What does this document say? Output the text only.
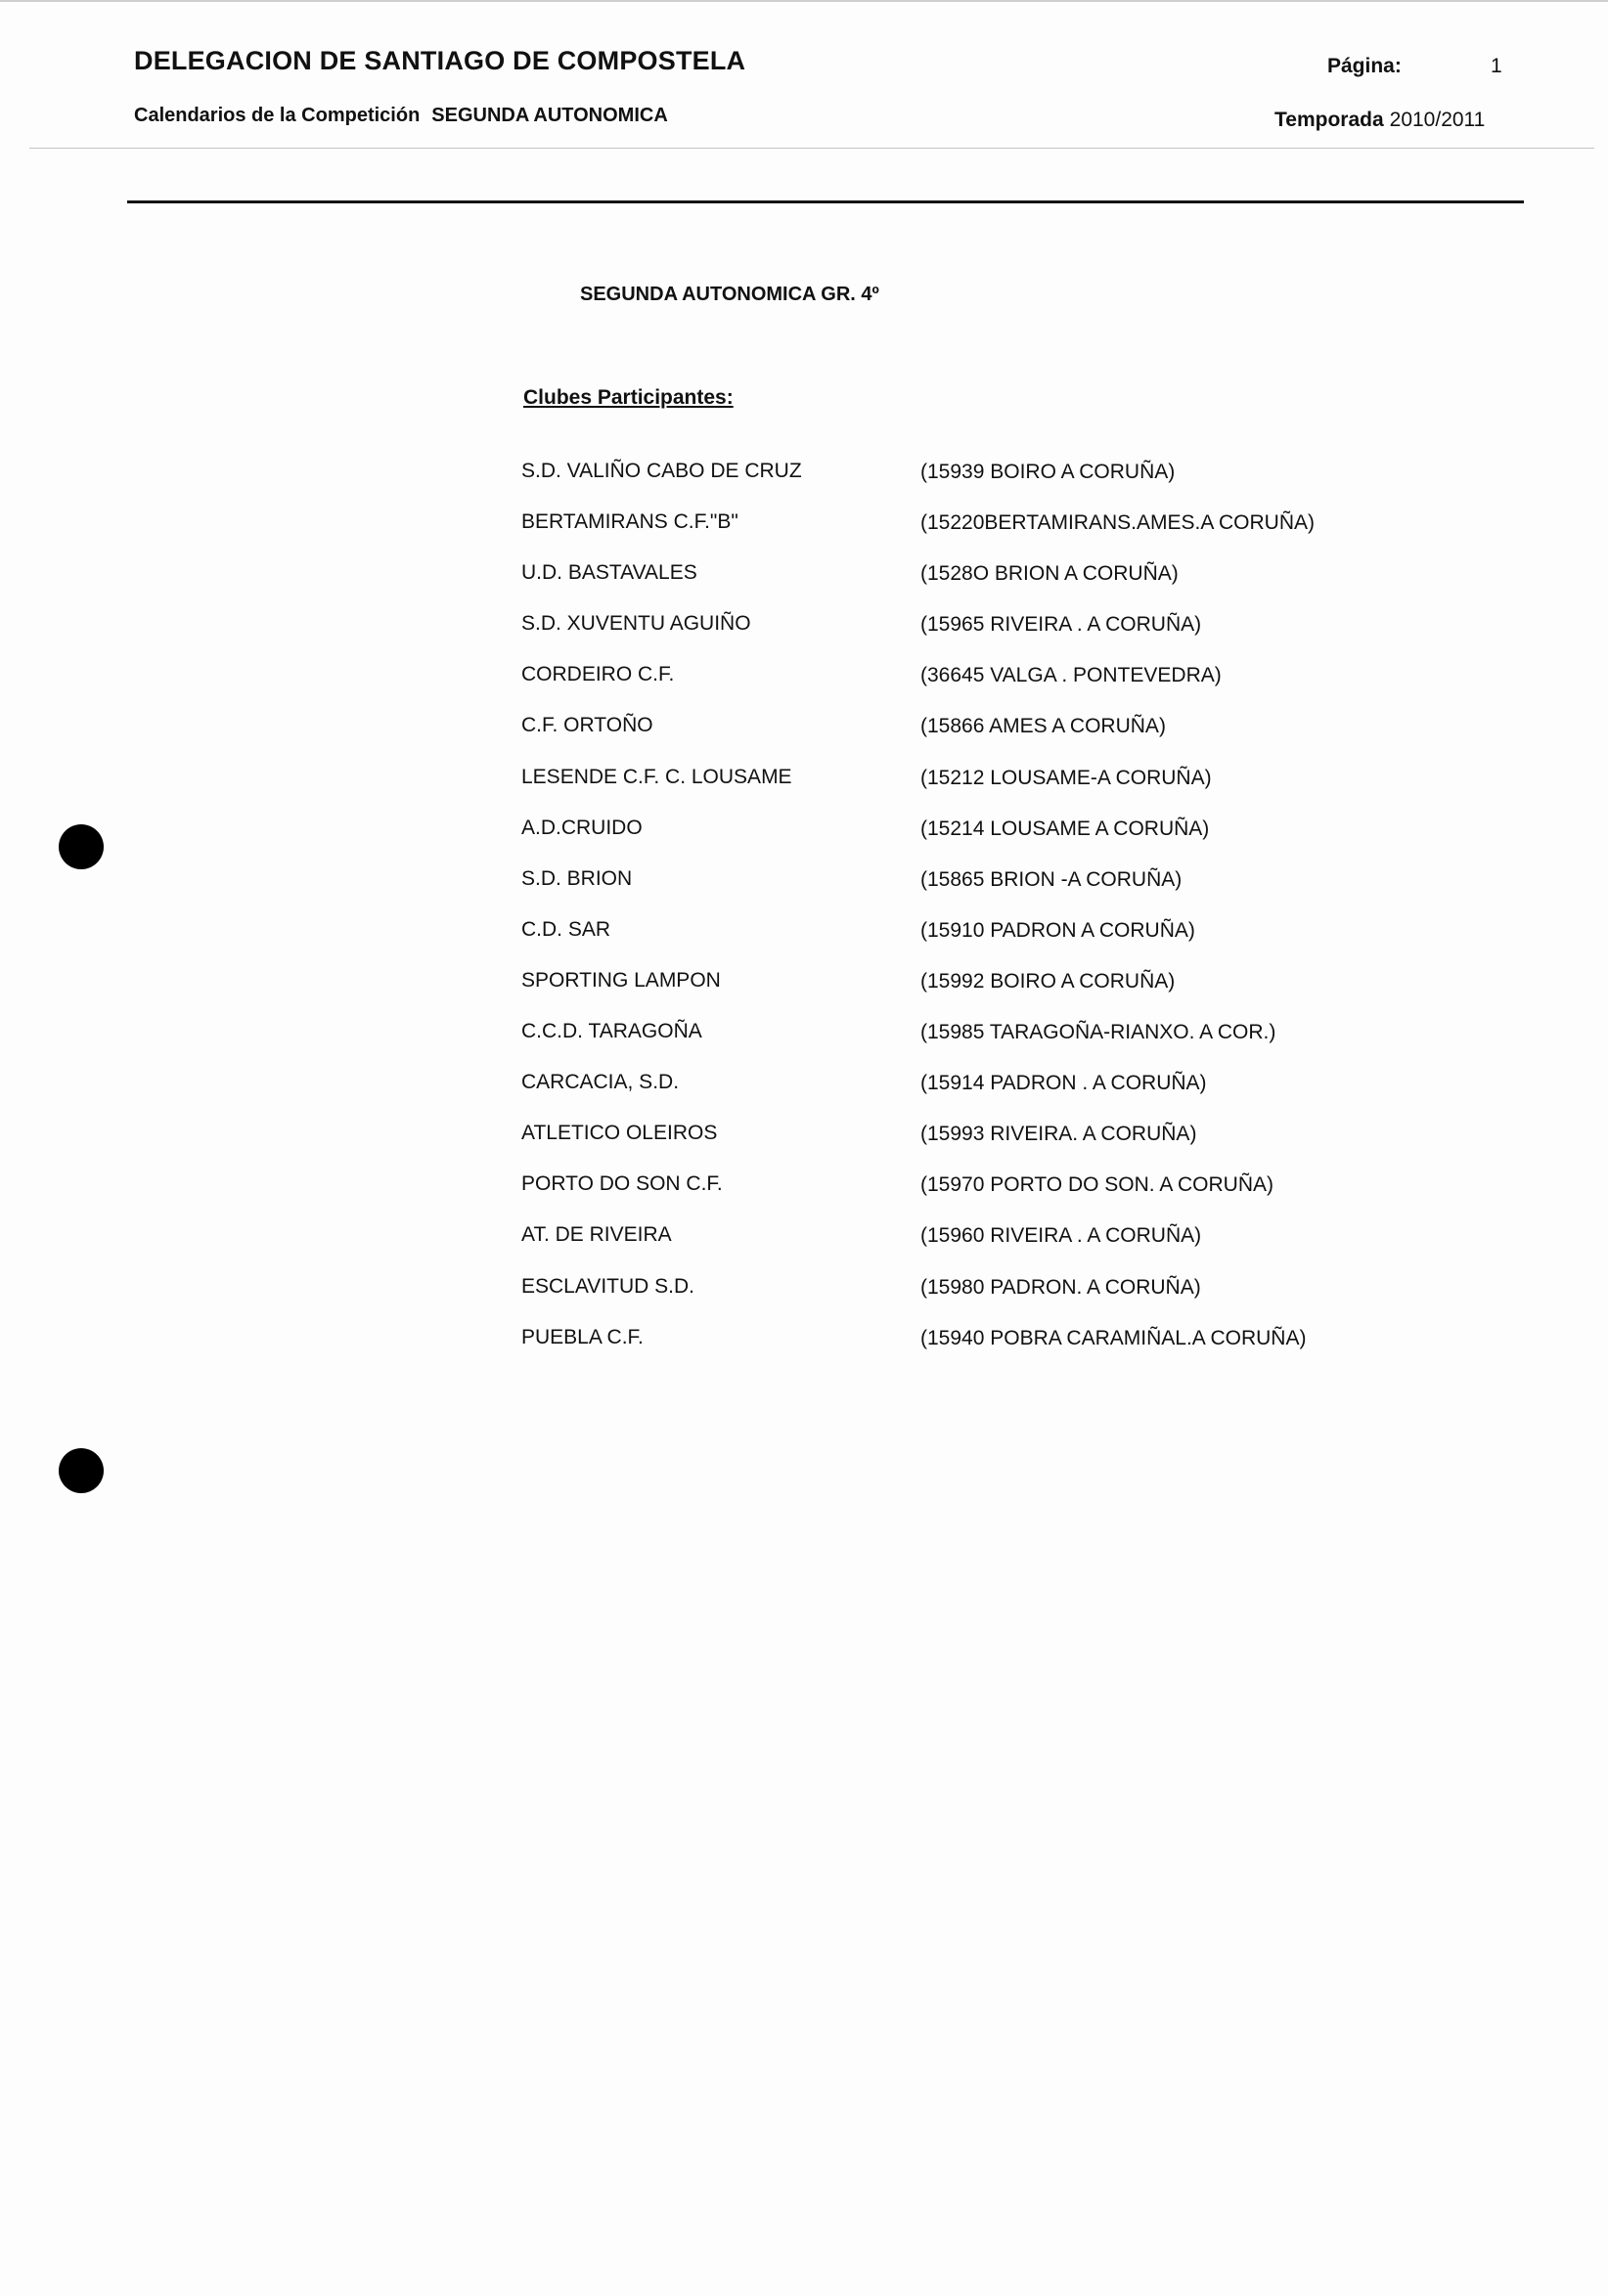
DELEGACION DE SANTIAGO DE COMPOSTELA	Página:	1
Calendarios de la Competición SEGUNDA AUTONOMICA	Temporada 2010/2011
SEGUNDA AUTONOMICA GR. 4º
Clubes Participantes:
S.D. VALIÑO CABO DE CRUZ	(15939 BOIRO A CORUÑA)
BERTAMIRANS C.F."B"	(15220BERTAMIRANS.AMES.A CORUÑA)
U.D. BASTAVALES	(1528O BRION A CORUÑA)
S.D. XUVENTU AGUIÑO	(15965 RIVEIRA . A CORUÑA)
CORDEIRO C.F.	(36645 VALGA . PONTEVEDRA)
C.F. ORTOÑO	(15866 AMES A CORUÑA)
LESENDE C.F. C. LOUSAME	(15212 LOUSAME-A CORUÑA)
A.D.CRUIDO	(15214 LOUSAME A CORUÑA)
S.D. BRION	(15865 BRION -A CORUÑA)
C.D. SAR	(15910 PADRON A CORUÑA)
SPORTING LAMPON	(15992 BOIRO A CORUÑA)
C.C.D. TARAGOÑA	(15985 TARAGOÑA-RIANXO. A COR.)
CARCACIA, S.D.	(15914 PADRON . A CORUÑA)
ATLETICO OLEIROS	(15993 RIVEIRA. A CORUÑA)
PORTO DO SON C.F.	(15970 PORTO DO SON. A CORUÑA)
AT. DE RIVEIRA	(15960 RIVEIRA . A CORUÑA)
ESCLAVITUD S.D.	(15980 PADRON. A CORUÑA)
PUEBLA C.F.	(15940 POBRA CARAMIÑAL.A CORUÑA)
